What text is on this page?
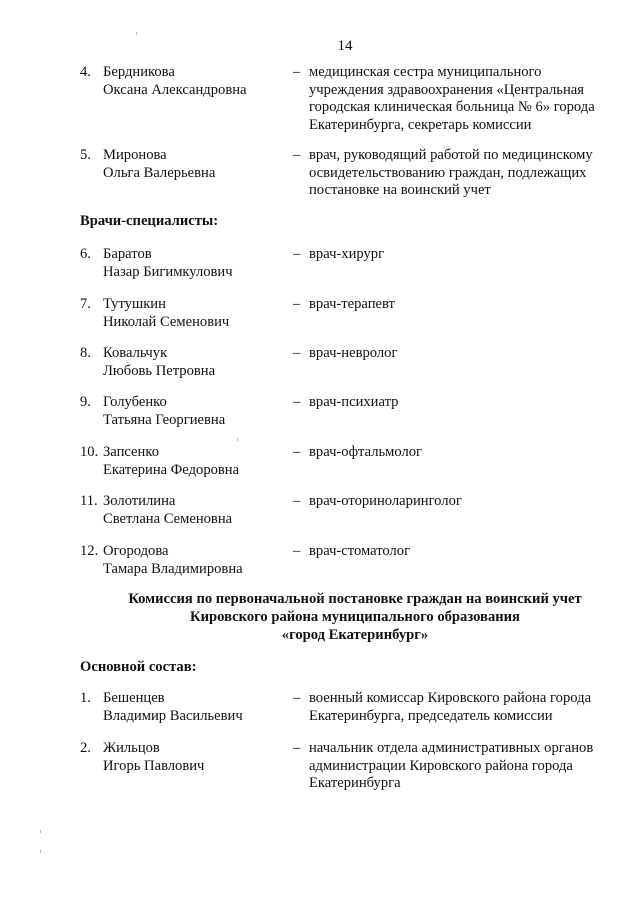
14
4. Бердникова
Оксана Александровна
– медицинская сестра муниципального
учреждения здравоохранения «Центральная
городская клиническая больница № 6» города
Екатеринбурга, секретарь комиссии
5. Миронова
Ольга Валерьевна
– врач, руководящий работой по медицинскому
освидетельствованию граждан, подлежащих
постановке на воинский учет
Врачи-специалисты:
6. Баратов
Назар Бигимкулович
– врач-хирург
7. Тутушкин
Николай Семенович
– врач-терапевт
8. Ковальчук
Любовь Петровна
– врач-невролог
9. Голубенко
Татьяна Георгиевна
– врач-психиатр
10. Запсенко
Екатерина Федоровна
– врач-офтальмолог
11. Золотилина
Светлана Семеновна
– врач-оториноларинголог
12. Огородова
Тамара Владимировна
– врач-стоматолог
Комиссия по первоначальной постановке граждан на воинский учет
Кировского района муниципального образования
«город Екатеринбург»
Основной состав:
1. Бешенцев
Владимир Васильевич
– военный комиссар Кировского района города
Екатеринбурга, председатель комиссии
2. Жильцов
Игорь Павлович
– начальник отдела административных органов
администрации Кировского района города
Екатеринбурга
